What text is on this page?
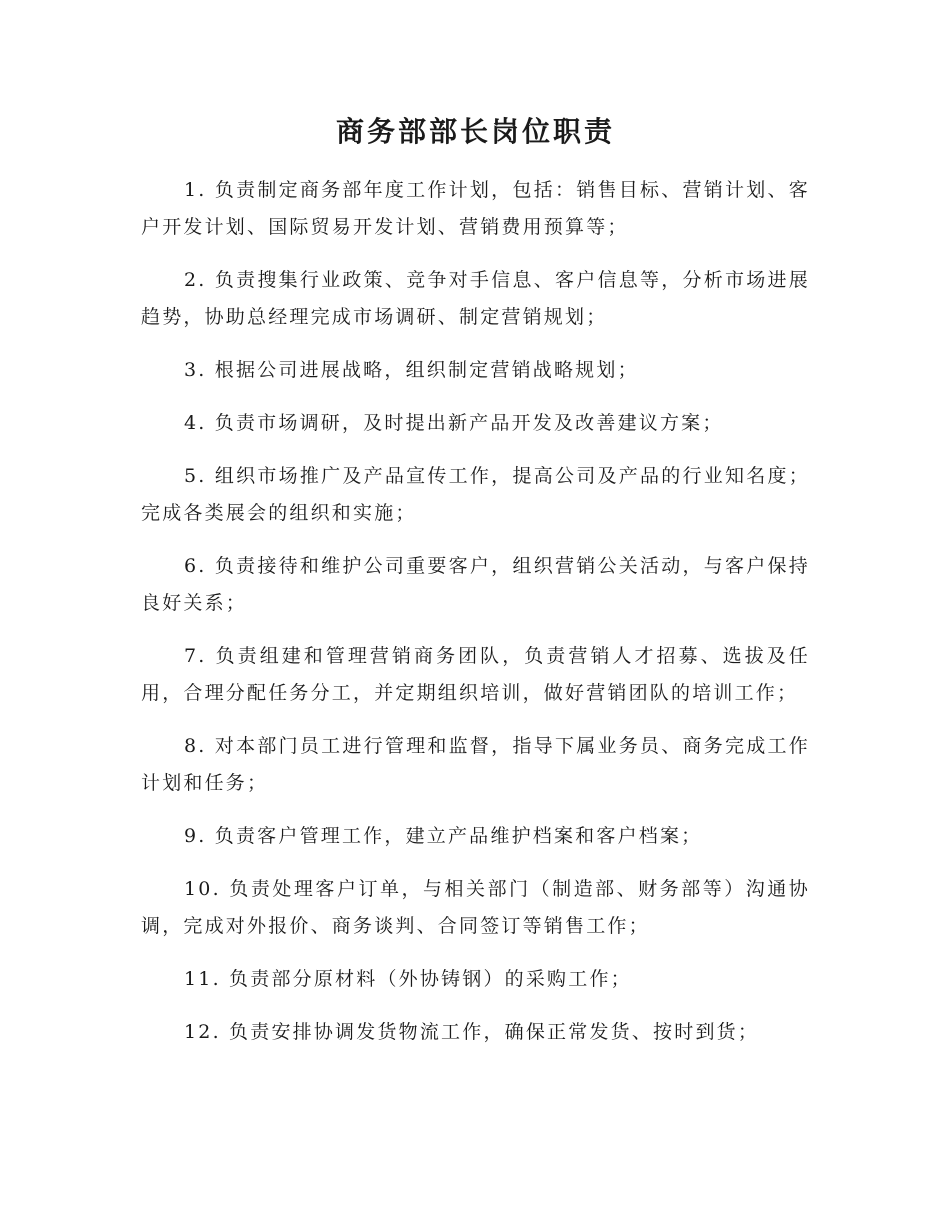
商务部部长岗位职责

1. 负责制定商务部年度工作计划，包括：销售目标、营销计划、客户开发计划、国际贸易开发计划、营销费用预算等；

2. 负责搜集行业政策、竞争对手信息、客户信息等，分析市场进展趋势，协助总经理完成市场调研、制定营销规划；

3. 根据公司进展战略，组织制定营销战略规划；

4. 负责市场调研，及时提出新产品开发及改善建议方案；

5. 组织市场推广及产品宣传工作，提高公司及产品的行业知名度；完成各类展会的组织和实施；

6. 负责接待和维护公司重要客户，组织营销公关活动，与客户保持良好关系；

7. 负责组建和管理营销商务团队，负责营销人才招募、选拔及任用，合理分配任务分工，并定期组织培训，做好营销团队的培训工作；

8. 对本部门员工进行管理和监督，指导下属业务员、商务完成工作计划和任务；

9. 负责客户管理工作，建立产品维护档案和客户档案；

10. 负责处理客户订单，与相关部门（制造部、财务部等）沟通协调，完成对外报价、商务谈判、合同签订等销售工作；

11. 负责部分原材料（外协铸钢）的采购工作；

12. 负责安排协调发货物流工作，确保正常发货、按时到货；
